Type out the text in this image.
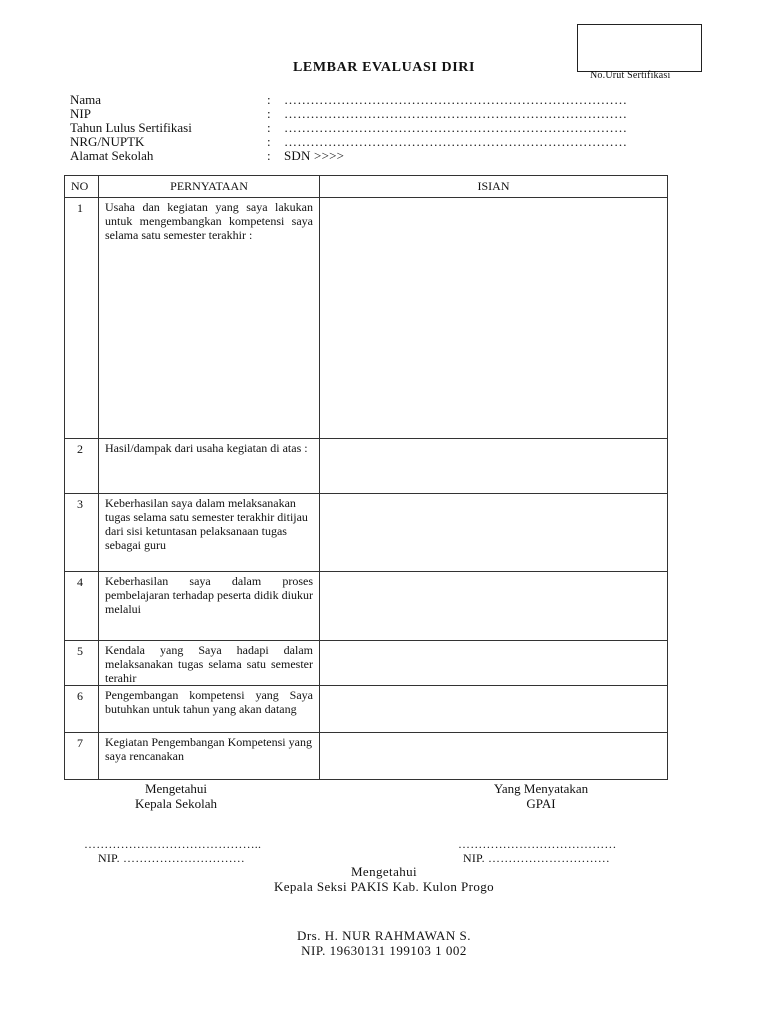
No.Urut Sertifikasi
LEMBAR EVALUASI DIRI
Nama	: ……………………………………………………………………
NIP	: ……………………………………………………………………
Tahun Lulus Sertifikasi	: ……………………………………………………………………
NRG/NUPTK	: ……………………………………………………………………
Alamat Sekolah	: SDN >>>>
NO	PERNYATAAN	ISIAN

1	Usaha dan kegiatan yang saya lakukan untuk mengembangkan kompetensi saya selama satu semester terakhir :	

2	Hasil/dampak dari usaha kegiatan di atas :	

3	Keberhasilan saya dalam melaksanakan tugas selama satu semester terakhir ditijau dari sisi ketuntasan pelaksanaan tugas sebagai guru	

4	Keberhasilan saya dalam proses pembelajaran terhadap peserta didik diukur melalui	

5	Kendala yang Saya hadapi dalam melaksanakan tugas selama satu semester terahir	

6	Pengembangan kompetensi yang Saya butuhkan untuk tahun yang akan datang	

7	Kegiatan Pengembangan Kompetensi yang saya rencanakan	

Mengetahui
Kepala Sekolah
Yang Menyatakan
GPAI
……………………………………..	…………………………………
NIP. …………………………	NIP. …………………………
Mengetahui
Kepala Seksi PAKIS Kab. Kulon Progo
Drs. H. NUR RAHMAWAN S.
NIP. 19630131 199103 1 002
